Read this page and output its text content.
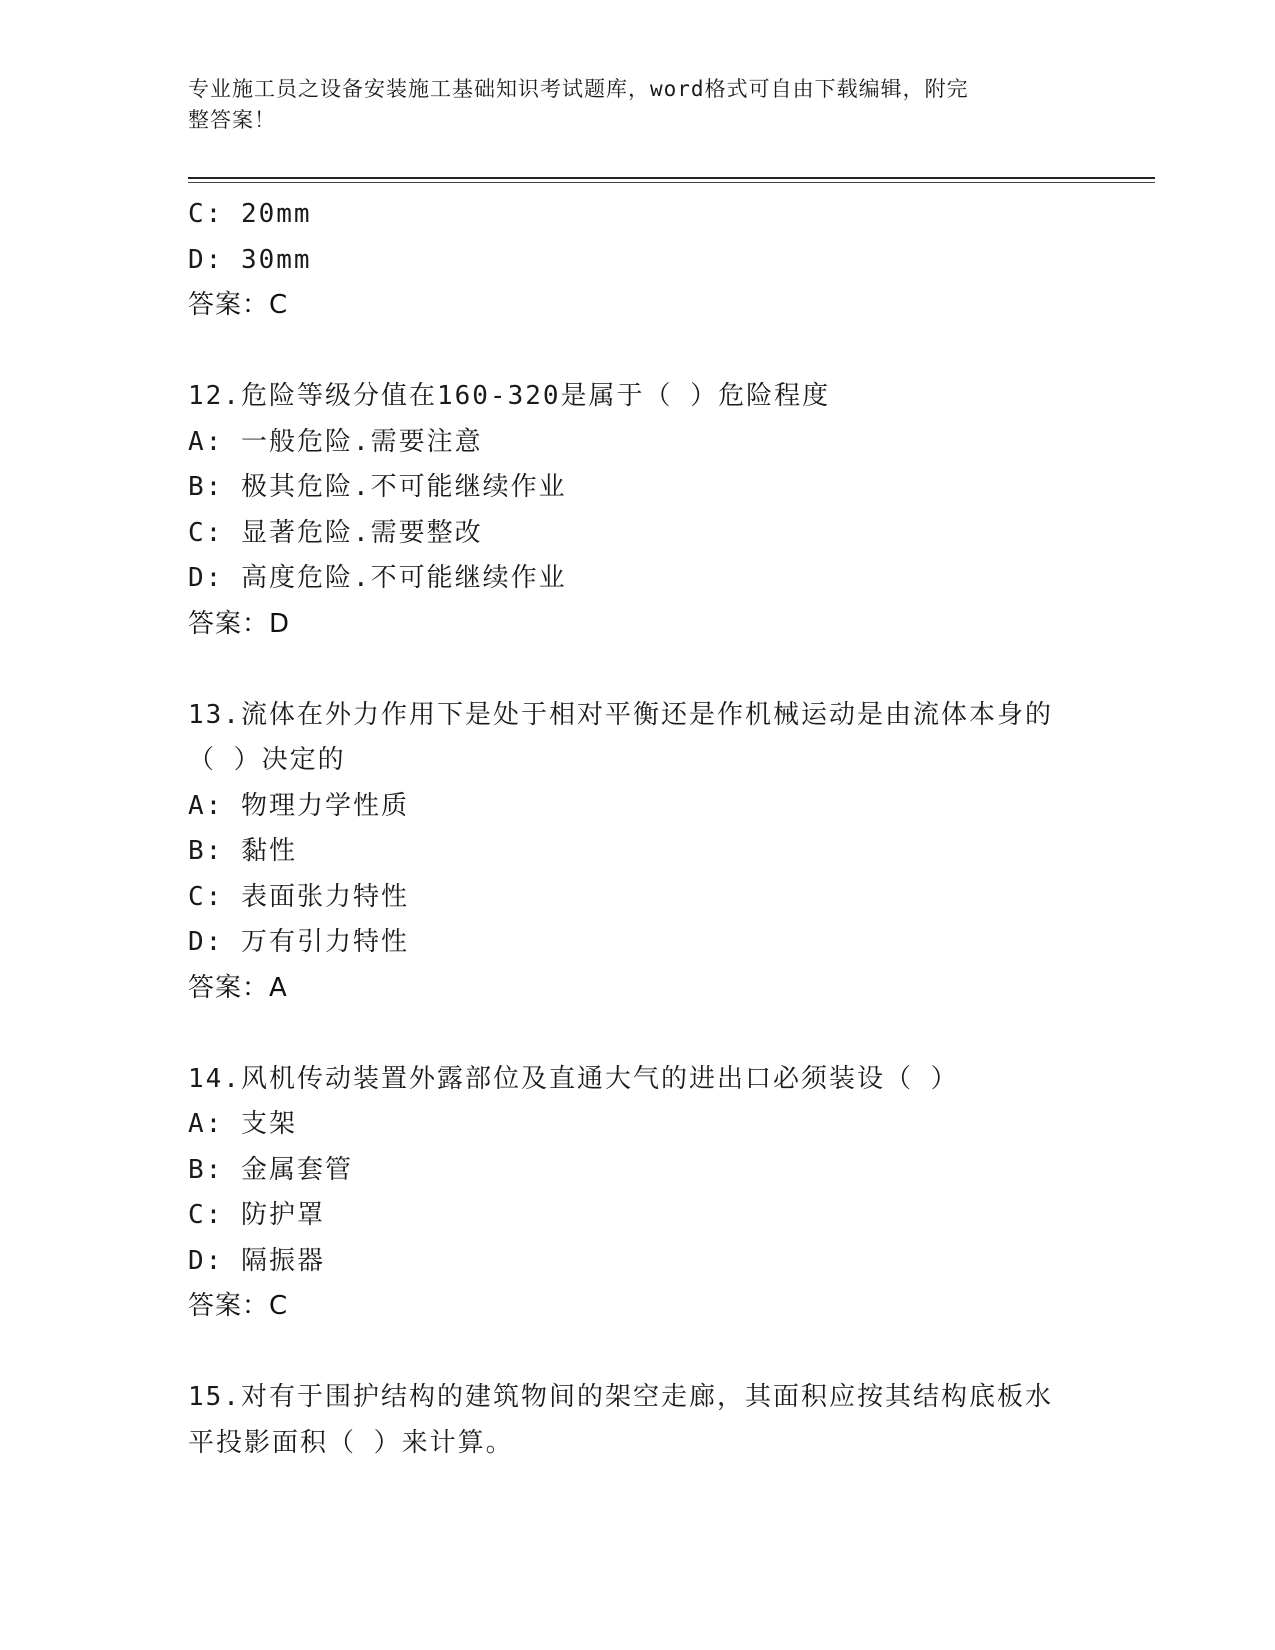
专业施工员之设备安装施工基础知识考试题库，word格式可自由下载编辑，附完
整答案！
C: 20mm
D: 30mm
答案：C
12.危险等级分值在160-320是属于（ ）危险程度
A: 一般危险.需要注意
B: 极其危险.不可能继续作业
C: 显著危险.需要整改
D: 高度危险.不可能继续作业
答案：D
13.流体在外力作用下是处于相对平衡还是作机械运动是由流体本身的
（ ）决定的
A: 物理力学性质
B: 黏性
C: 表面张力特性
D: 万有引力特性
答案：A
14.风机传动装置外露部位及直通大气的进出口必须装设（ ）
A: 支架
B: 金属套管
C: 防护罩
D: 隔振器
答案：C
15.对有于围护结构的建筑物间的架空走廊，其面积应按其结构底板水
平投影面积（ ）来计算。
